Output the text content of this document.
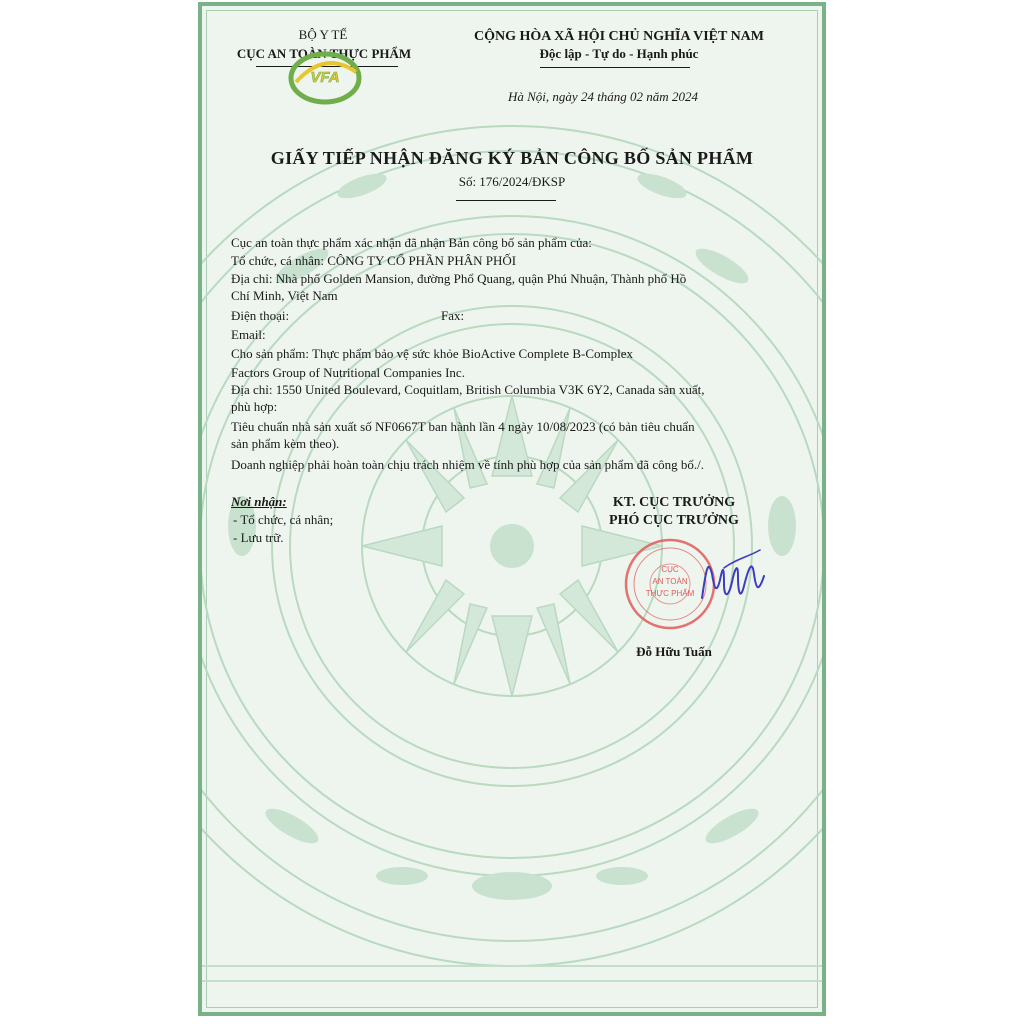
BỘ Y TẾ
CỤC AN TOÀN THỰC PHẨM
VFA
CỘNG HÒA XÃ HỘI CHỦ NGHĨA VIỆT NAM
Độc lập - Tự do - Hạnh phúc
Hà Nội, ngày 24 tháng 02 năm 2024
GIẤY TIẾP NHẬN ĐĂNG KÝ BẢN CÔNG BỐ SẢN PHẨM
Số: 176/2024/ĐKSP
Cục an toàn thực phẩm xác nhận đã nhận Bản công bố sản phẩm của:
Tổ chức, cá nhân: CÔNG TY CỔ PHẦN PHÂN PHỐI
Địa chỉ: Nhà phố Golden Mansion, đường Phổ Quang, quận Phú Nhuận, Thành phố Hồ
Chí Minh, Việt Nam
Điện thoại:	Fax:
Email:
Cho sản phẩm: Thực phẩm bảo vệ sức khỏe BioActive Complete B-Complex
Factors Group of Nutritional Companies Inc.
Địa chỉ: 1550 United Boulevard, Coquitlam, British Columbia V3K 6Y2, Canada sản xuất,
phù hợp:
Tiêu chuẩn nhà sản xuất số NF0667T ban hành lần 4 ngày 10/08/2023 (có bản tiêu chuẩn
sản phẩm kèm theo).
Doanh nghiệp phải hoàn toàn chịu trách nhiệm về tính phù hợp của sản phẩm đã công bố./.
Nơi nhận:
- Tổ chức, cá nhân;
- Lưu trữ.
KT. CỤC TRƯỞNG
PHÓ CỤC TRƯỞNG
CỤC
AN TOÀN
THỰC PHẨM
Đỗ Hữu Tuấn
